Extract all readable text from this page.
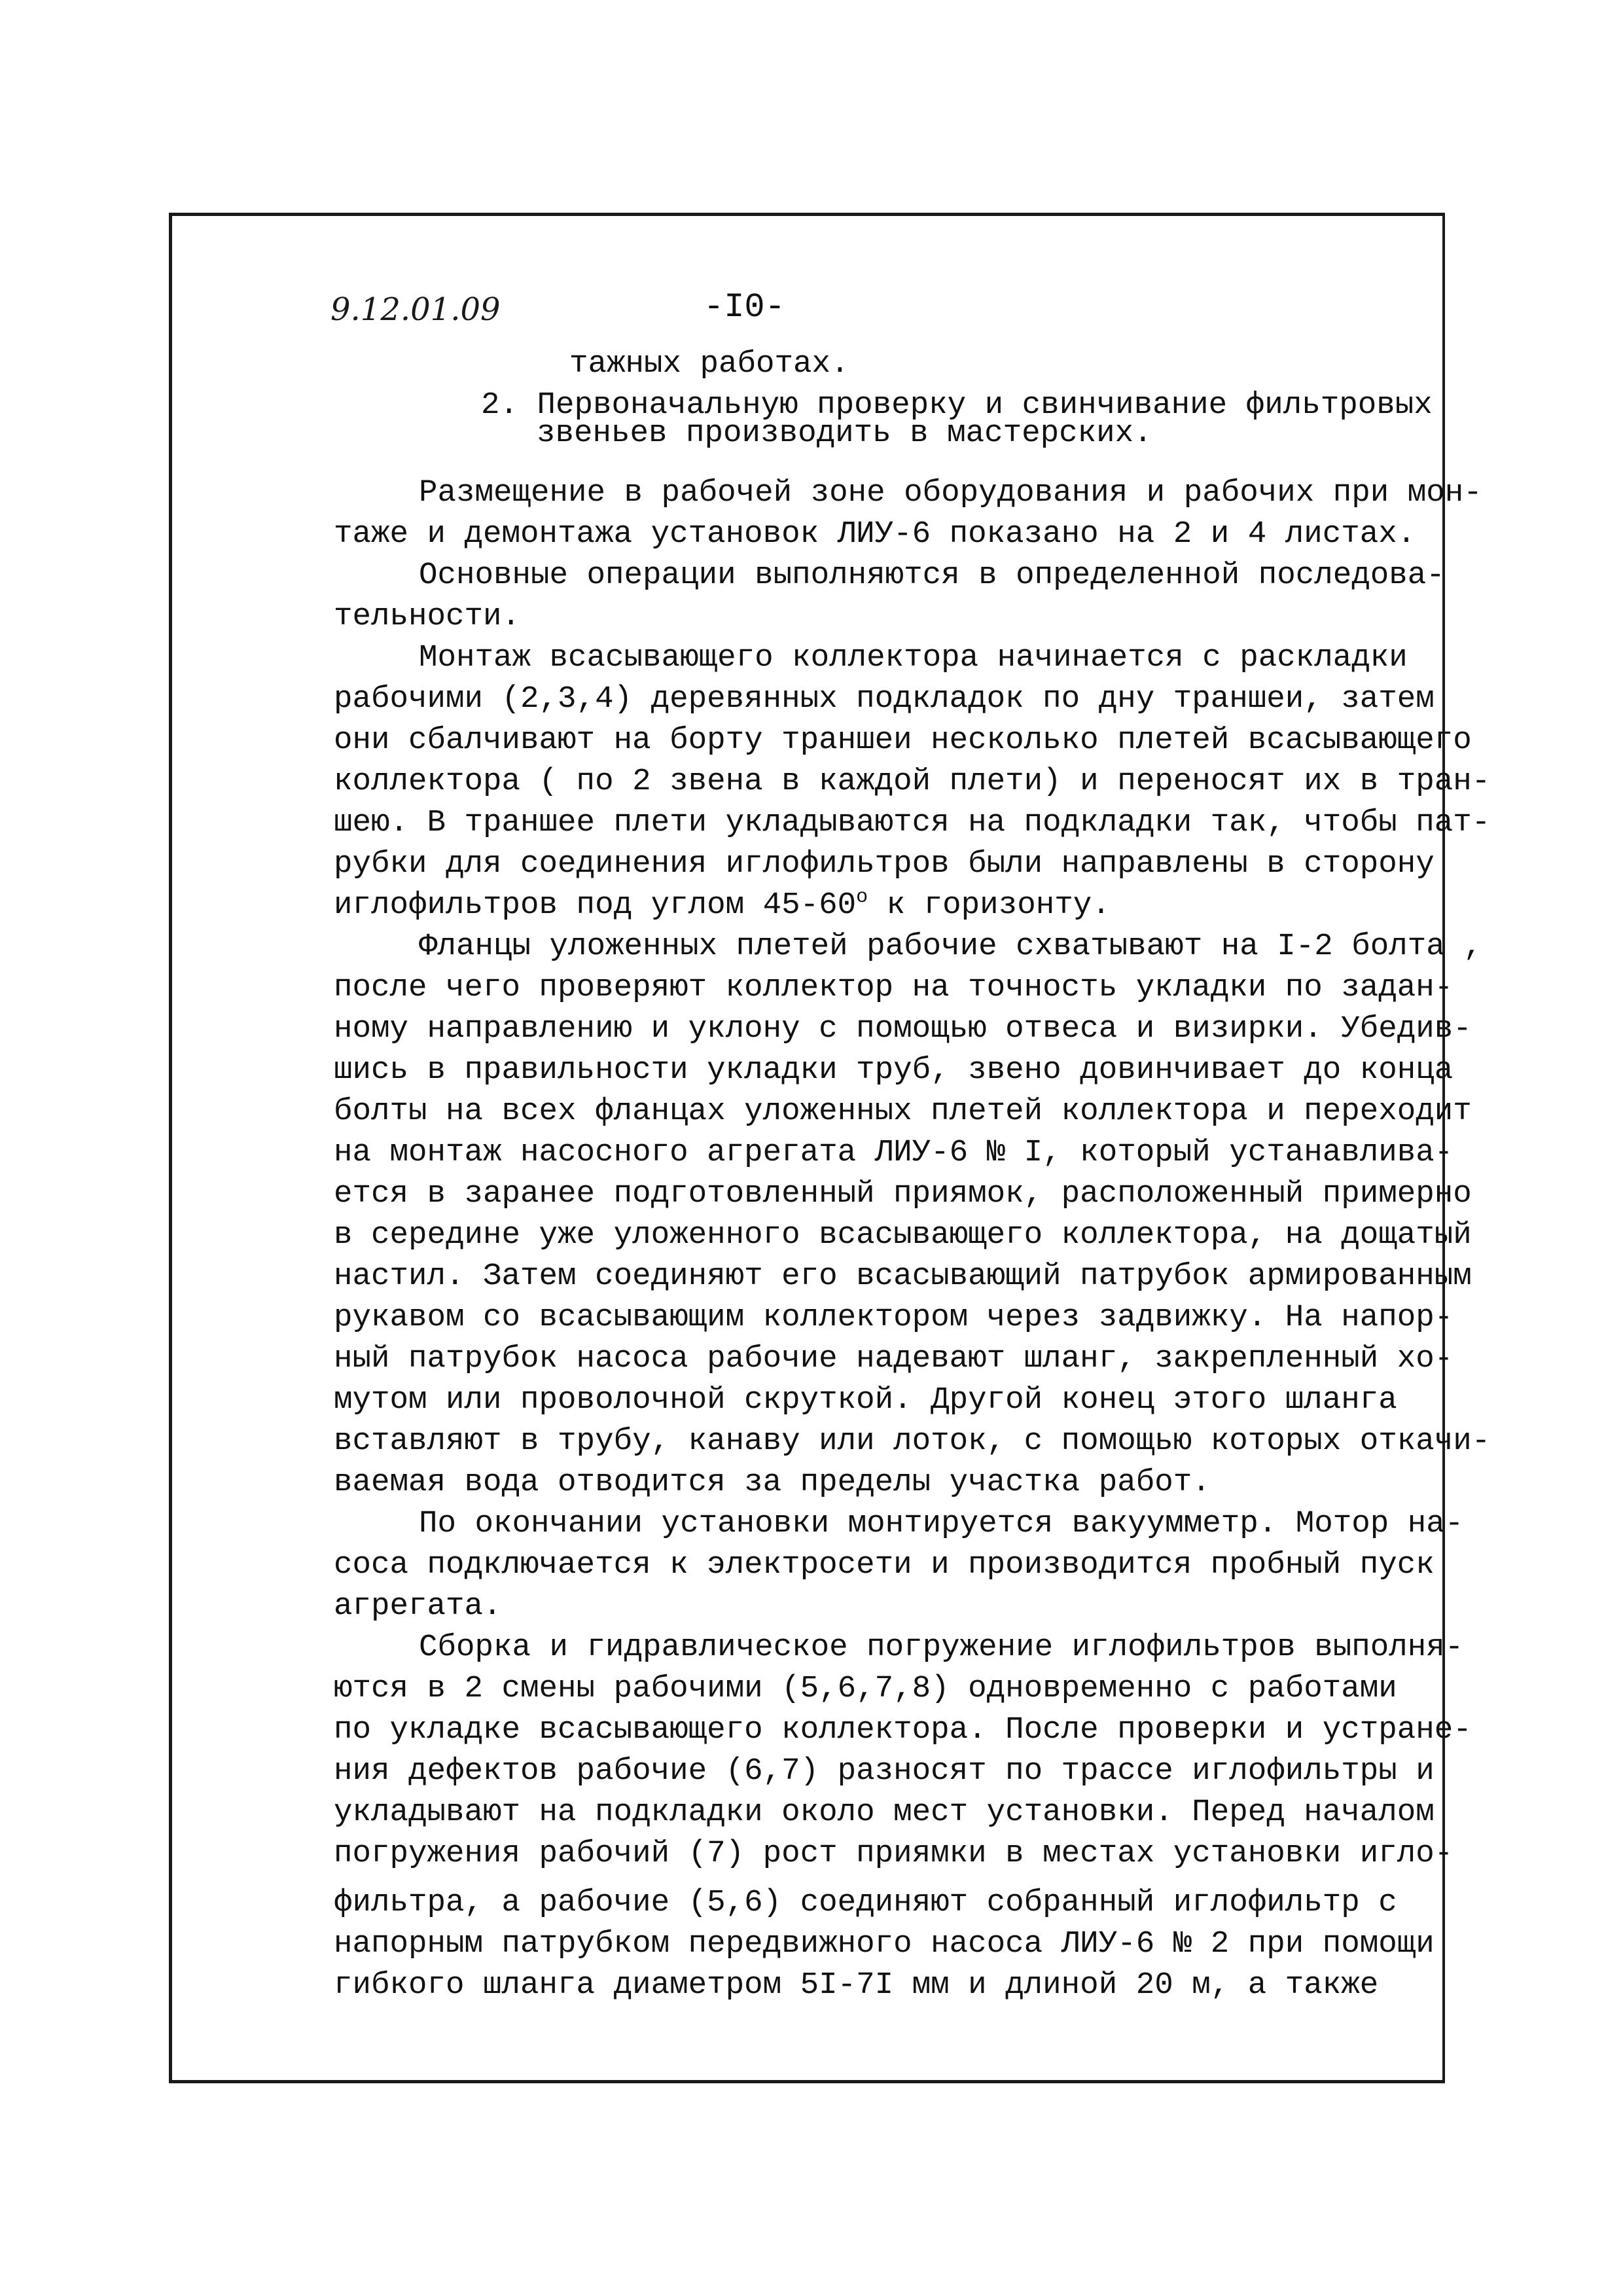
9.12.01.09	-I0-
тажных работах.
2. Первоначальную проверку и свинчивание фильтровых
звеньев производить в мастерских.
Размещение в рабочей зоне оборудования и рабочих при мон-
таже и демонтажа установок ЛИУ-6 показано на 2 и 4 листах.
Основные операции выполняются в определенной последова-
тельности.
Монтаж всасывающего коллектора начинается с раскладки
рабочими (2,3,4) деревянных подкладок по дну траншеи, затем
они сбалчивают на борту траншеи несколько плетей всасывающего
коллектора ( по 2 звена в каждой плети) и переносят их в тран-
шею. В траншее плети укладываются на подкладки так, чтобы пат-
рубки для соединения иглофильтров были направлены в сторону
иглофильтров под углом $45-60^о$ к горизонту.
Фланцы уложенных плетей рабочие схватывают на I-2 болта ,
после чего проверяют коллектор на точность укладки по задан-
ному направлению и уклону с помощью отвеса и визирки. Убедив-
шись в правильности укладки труб, звено довинчивает до конца
болты на всех фланцах уложенных плетей коллектора и переходит
на монтаж насосного агрегата ЛИУ-6 № I, который устанавлива-
ется в заранее подготовленный приямок, расположенный примерно
в середине уже уложенного всасывающего коллектора, на дощатый
настил. Затем соединяют его всасывающий патрубок армированным
рукавом со всасывающим коллектором через задвижку. На напор-
ный патрубок насоса рабочие надевают шланг, закрепленный хо-
мутом или проволочной скруткой. Другой конец этого шланга
вставляют в трубу, канаву или лоток, с помощью которых откачи-
ваемая вода отводится за пределы участка работ.
По окончании установки монтируется вакуумметр. Мотор на-
соса подключается к электросети и производится пробный пуск
агрегата.
Сборка и гидравлическое погружение иглофильтров выполня-
ются в 2 смены рабочими (5,6,7,8) одновременно с работами
по укладке всасывающего коллектора. После проверки и устране-
ния дефектов рабочие (6,7) разносят по трассе иглофильтры и
укладывают на подкладки около мест установки. Перед началом
погружения рабочий (7) рост приямки в местах установки игло-
фильтра, а рабочие (5,6) соединяют собранный иглофильтр с
напорным патрубком передвижного насоса ЛИУ-6 № 2 при помощи
гибкого шланга диаметром 5I-7I мм и длиной 20 м, а также
